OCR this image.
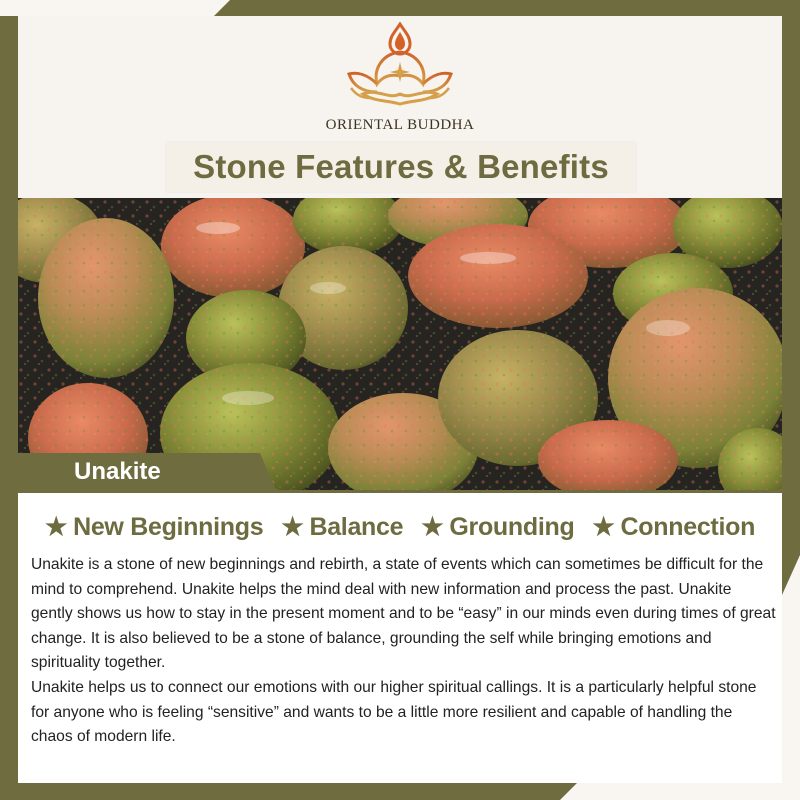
ORIENTAL BUDDHA
Stone Features & Benefits
Unakite
★ New Beginnings ★ Balance ★ Grounding ★ Connection

Unakite is a stone of new beginnings and rebirth, a state of events which can sometimes be difficult for the mind to comprehend. Unakite helps the mind deal with new information and process the past. Unakite gently shows us how to stay in the present moment and to be “easy” in our minds even during times of great change. It is also believed to be a stone of balance, grounding the self while bringing emotions and spirituality together.

Unakite helps us to connect our emotions with our higher spiritual callings. It is a particularly helpful stone for anyone who is feeling “sensitive” and wants to be a little more resilient and capable of handling the chaos of modern life.
